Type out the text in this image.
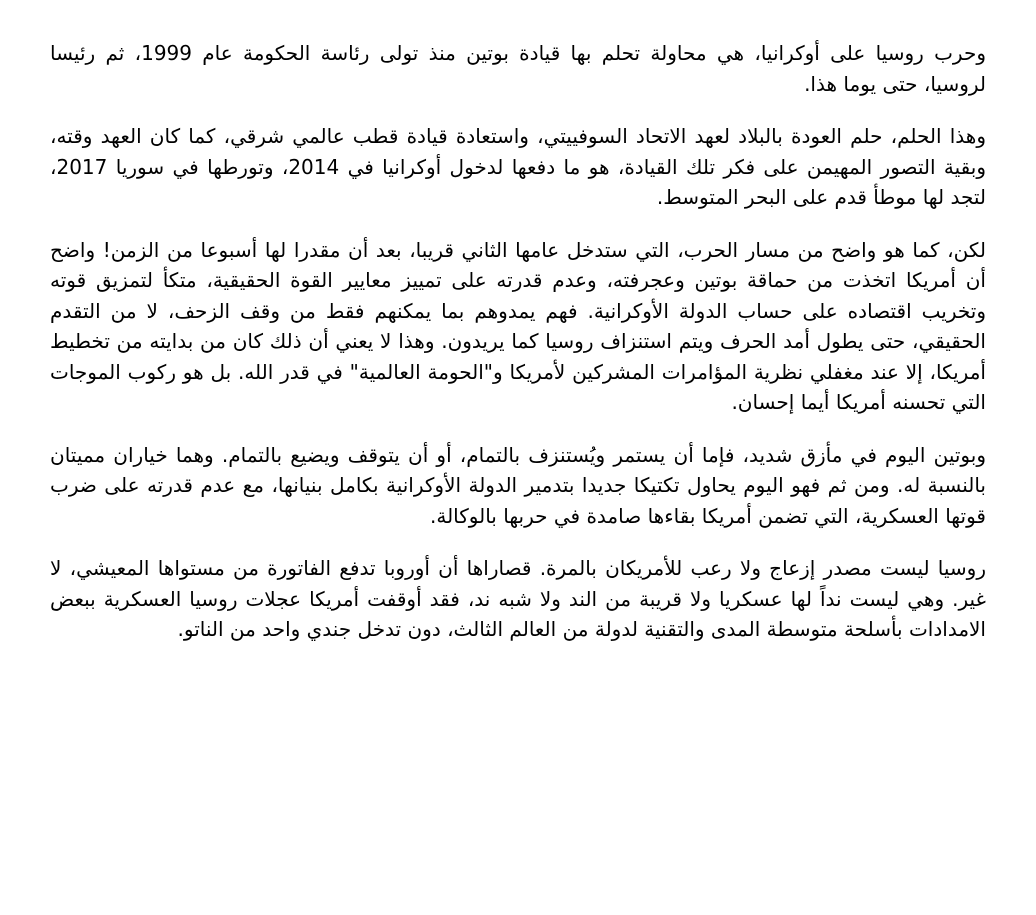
وحرب روسيا على أوكرانيا، هي محاولة تحلم بها قيادة بوتين منذ تولى رئاسة الحكومة عام 1999، ثم رئيسا لروسيا، حتى يوما هذا.

وهذا الحلم، حلم العودة بالبلاد لعهد الاتحاد السوفييتي، واستعادة قيادة قطب عالمي شرقي، كما كان العهد وقته، وبقية التصور المهيمن على فكر تلك القيادة، هو ما دفعها لدخول أوكرانيا في 2014، وتورطها في سوريا 2017، لتجد لها موطأ قدم على البحر المتوسط.

لكن، كما هو واضح من مسار الحرب، التي ستدخل عامها الثاني قريبا، بعد أن مقدرا لها أسبوعا من الزمن! واضح أن أمريكا اتخذت من حماقة بوتين وعجرفته، وعدم قدرته على تمييز معايير القوة الحقيقية، متكأ لتمزيق قوته وتخريب اقتصاده على حساب الدولة الأوكرانية. فهم يمدوهم بما يمكنهم فقط من وقف الزحف، لا من التقدم الحقيقي، حتى يطول أمد الحرف ويتم استنزاف روسيا كما يريدون. وهذا لا يعني أن ذلك كان من بدايته من تخطيط أمريكا، إلا عند مغفلي نظرية المؤامرات المشركين لأمريكا و"الحومة العالمية" في قدر الله. بل هو ركوب الموجات التي تحسنه أمريكا أيما إحسان.

وبوتين اليوم في مأزق شديد، فإما أن يستمر ويُستنزف بالتمام، أو أن يتوقف ويضيع بالتمام. وهما خياران مميتان بالنسبة له. ومن ثم فهو اليوم يحاول تكتيكا جديدا بتدمير الدولة الأوكرانية بكامل بنيانها، مع عدم قدرته على ضرب قوتها العسكرية، التي تضمن أمريكا بقاءها صامدة في حربها بالوكالة.

روسيا ليست مصدر إزعاج ولا رعب للأمريكان بالمرة. قصاراها أن أوروبا تدفع الفاتورة من مستواها المعيشي، لا غير. وهي ليست نداً لها عسكريا ولا قريبة من الند ولا شبه ند، فقد أوقفت أمريكا عجلات روسيا العسكرية ببعض الامدادات بأسلحة متوسطة المدى والتقنية لدولة من العالم الثالث، دون تدخل جندي واحد من الناتو.
